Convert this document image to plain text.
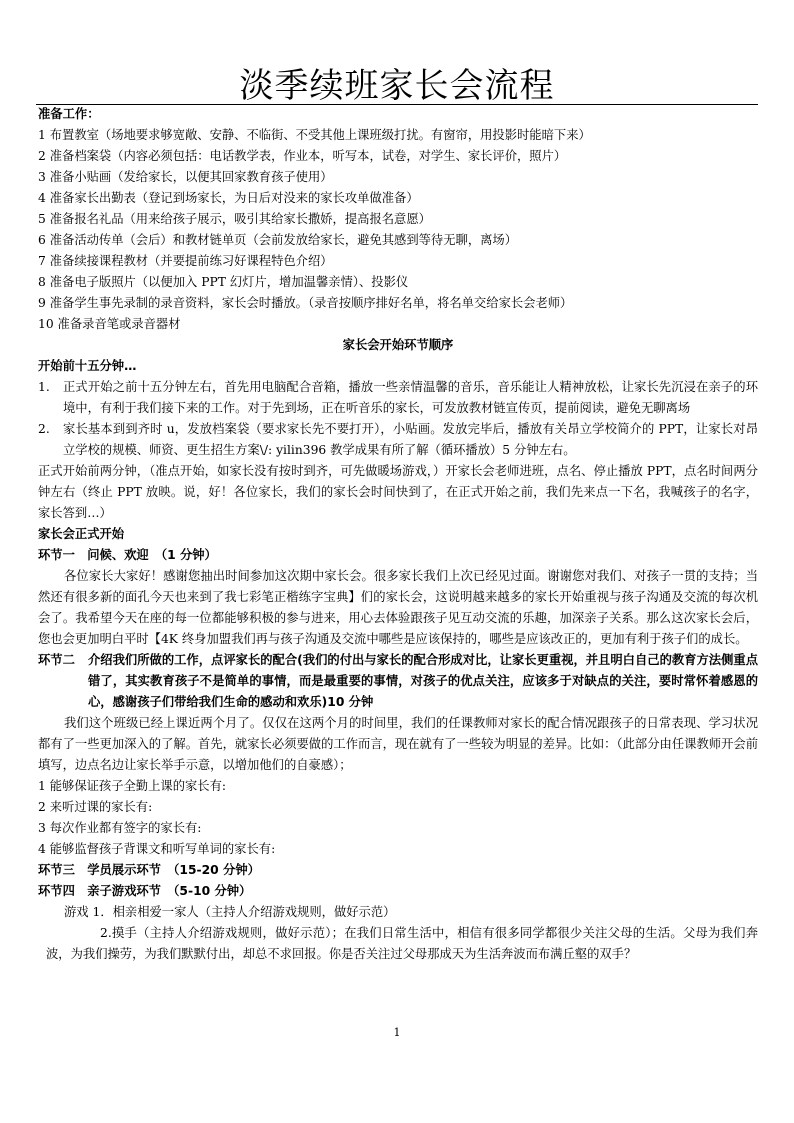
淡季续班家长会流程

准备工作：

1 布置教室（场地要求够宽敞、安静、不临街、不受其他上课班级打扰。有窗帘，用投影时能暗下来）

2 准备档案袋（内容必须包括：电话教学表，作业本，听写本，试卷，对学生、家长评价，照片）

3 准备小贴画（发给家长，以便其回家教育孩子使用）

4 准备家长出勤表（登记到场家长，为日后对没来的家长攻单做准备）

5 准备报名礼品（用来给孩子展示，吸引其给家长撒娇，提高报名意愿）

6 准备活动传单（会后）和教材链单页（会前发放给家长，避免其感到等待无聊，离场）

7 准备续接课程教材（并要提前练习好课程特色介绍）

8 准备电子版照片（以便加入 PPT 幻灯片，增加温馨亲情）、投影仪

9 准备学生事先录制的录音资料，家长会时播放。（录音按顺序排好名单，将名单交给家长会老师）

10 准备录音笔或录音器材

家长会开始环节顺序

开始前十五分钟…

1.	正式开始之前十五分钟左右，首先用电脑配合音箱，播放一些亲情温馨的音乐，音乐能让人精神放松，让家长先沉浸在亲子的环境中，有利于我们接下来的工作。对于先到场，正在听音乐的家长，可发放教材链宣传页，提前阅读，避免无聊离场
2.	家长基本到到齐时 u，发放档案袋（要求家长先不要打开），小贴画。发放完毕后，播放有关昂立学校简介的 PPT，让家长对昂立学校的规模、师资、更生招生方案\/: yilin396 教学成果有所了解（循环播放）5 分钟左右。

正式开始前两分钟，（准点开始，如家长没有按时到齐，可先做暖场游戏，）开家长会老师进班，点名、停止播放 PPT，点名时间两分钟左右（终止 PPT 放映。说，好！各位家长，我们的家长会时间快到了，在正式开始之前，我们先来点一下名，我喊孩子的名字，家长答到…）

家长会正式开始

环节一　问候、欢迎　（1 分钟）

各位家长大家好！感谢您抽出时间参加这次期中家长会。很多家长我们上次已经见过面。谢谢您对我们、对孩子一贯的支持；当然还有很多新的面孔今天也来到了我七彩笔正楷练字宝典】们的家长会，这说明越来越多的家长开始重视与孩子沟通及交流的每次机会了。我希望今天在座的每一位都能够积极的参与进来，用心去体验跟孩子见互动交流的乐趣，加深亲子关系。那么这次家长会后，您也会更加明白平时【4K 终身加盟我们再与孩子沟通及交流中哪些是应该保持的，哪些是应该改正的，更加有利于孩子们的成长。

环节二	介绍我们所做的工作，点评家长的配合(我们的付出与家长的配合形成对比，让家长更重视，并且明白自己的教育方法侧重点错了，其实教育孩子不是简单的事情，而是最重要的事情，对孩子的优点关注，应该多于对缺点的关注，要时常怀着感恩的心，感谢孩子们带给我们生命的感动和欢乐)10 分钟

我们这个班级已经上课近两个月了。仅仅在这两个月的时间里，我们的任课教师对家长的配合情况跟孩子的日常表现、学习状况都有了一些更加深入的了解。首先，就家长必须要做的工作而言，现在就有了一些较为明显的差异。比如：（此部分由任课教师开会前填写，边点名边让家长举手示意，以增加他们的自豪感）；

1 能够保证孩子全勤上课的家长有:

2 来听过课的家长有:

3 每次作业都有签字的家长有:

4 能够监督孩子背课文和听写单词的家长有:

环节三　学员展示环节　（15-20 分钟）

环节四　亲子游戏环节　（5-10 分钟）

游戏 1．相亲相爱一家人（主持人介绍游戏规则，做好示范）

2.摸手（主持人介绍游戏规则，做好示范）；在我们日常生活中，相信有很多同学都很少关注父母的生活。父母为我们奔波，为我们操劳，为我们默默付出，却总不求回报。你是否关注过父母那成天为生活奔波而布满丘壑的双手？

1
